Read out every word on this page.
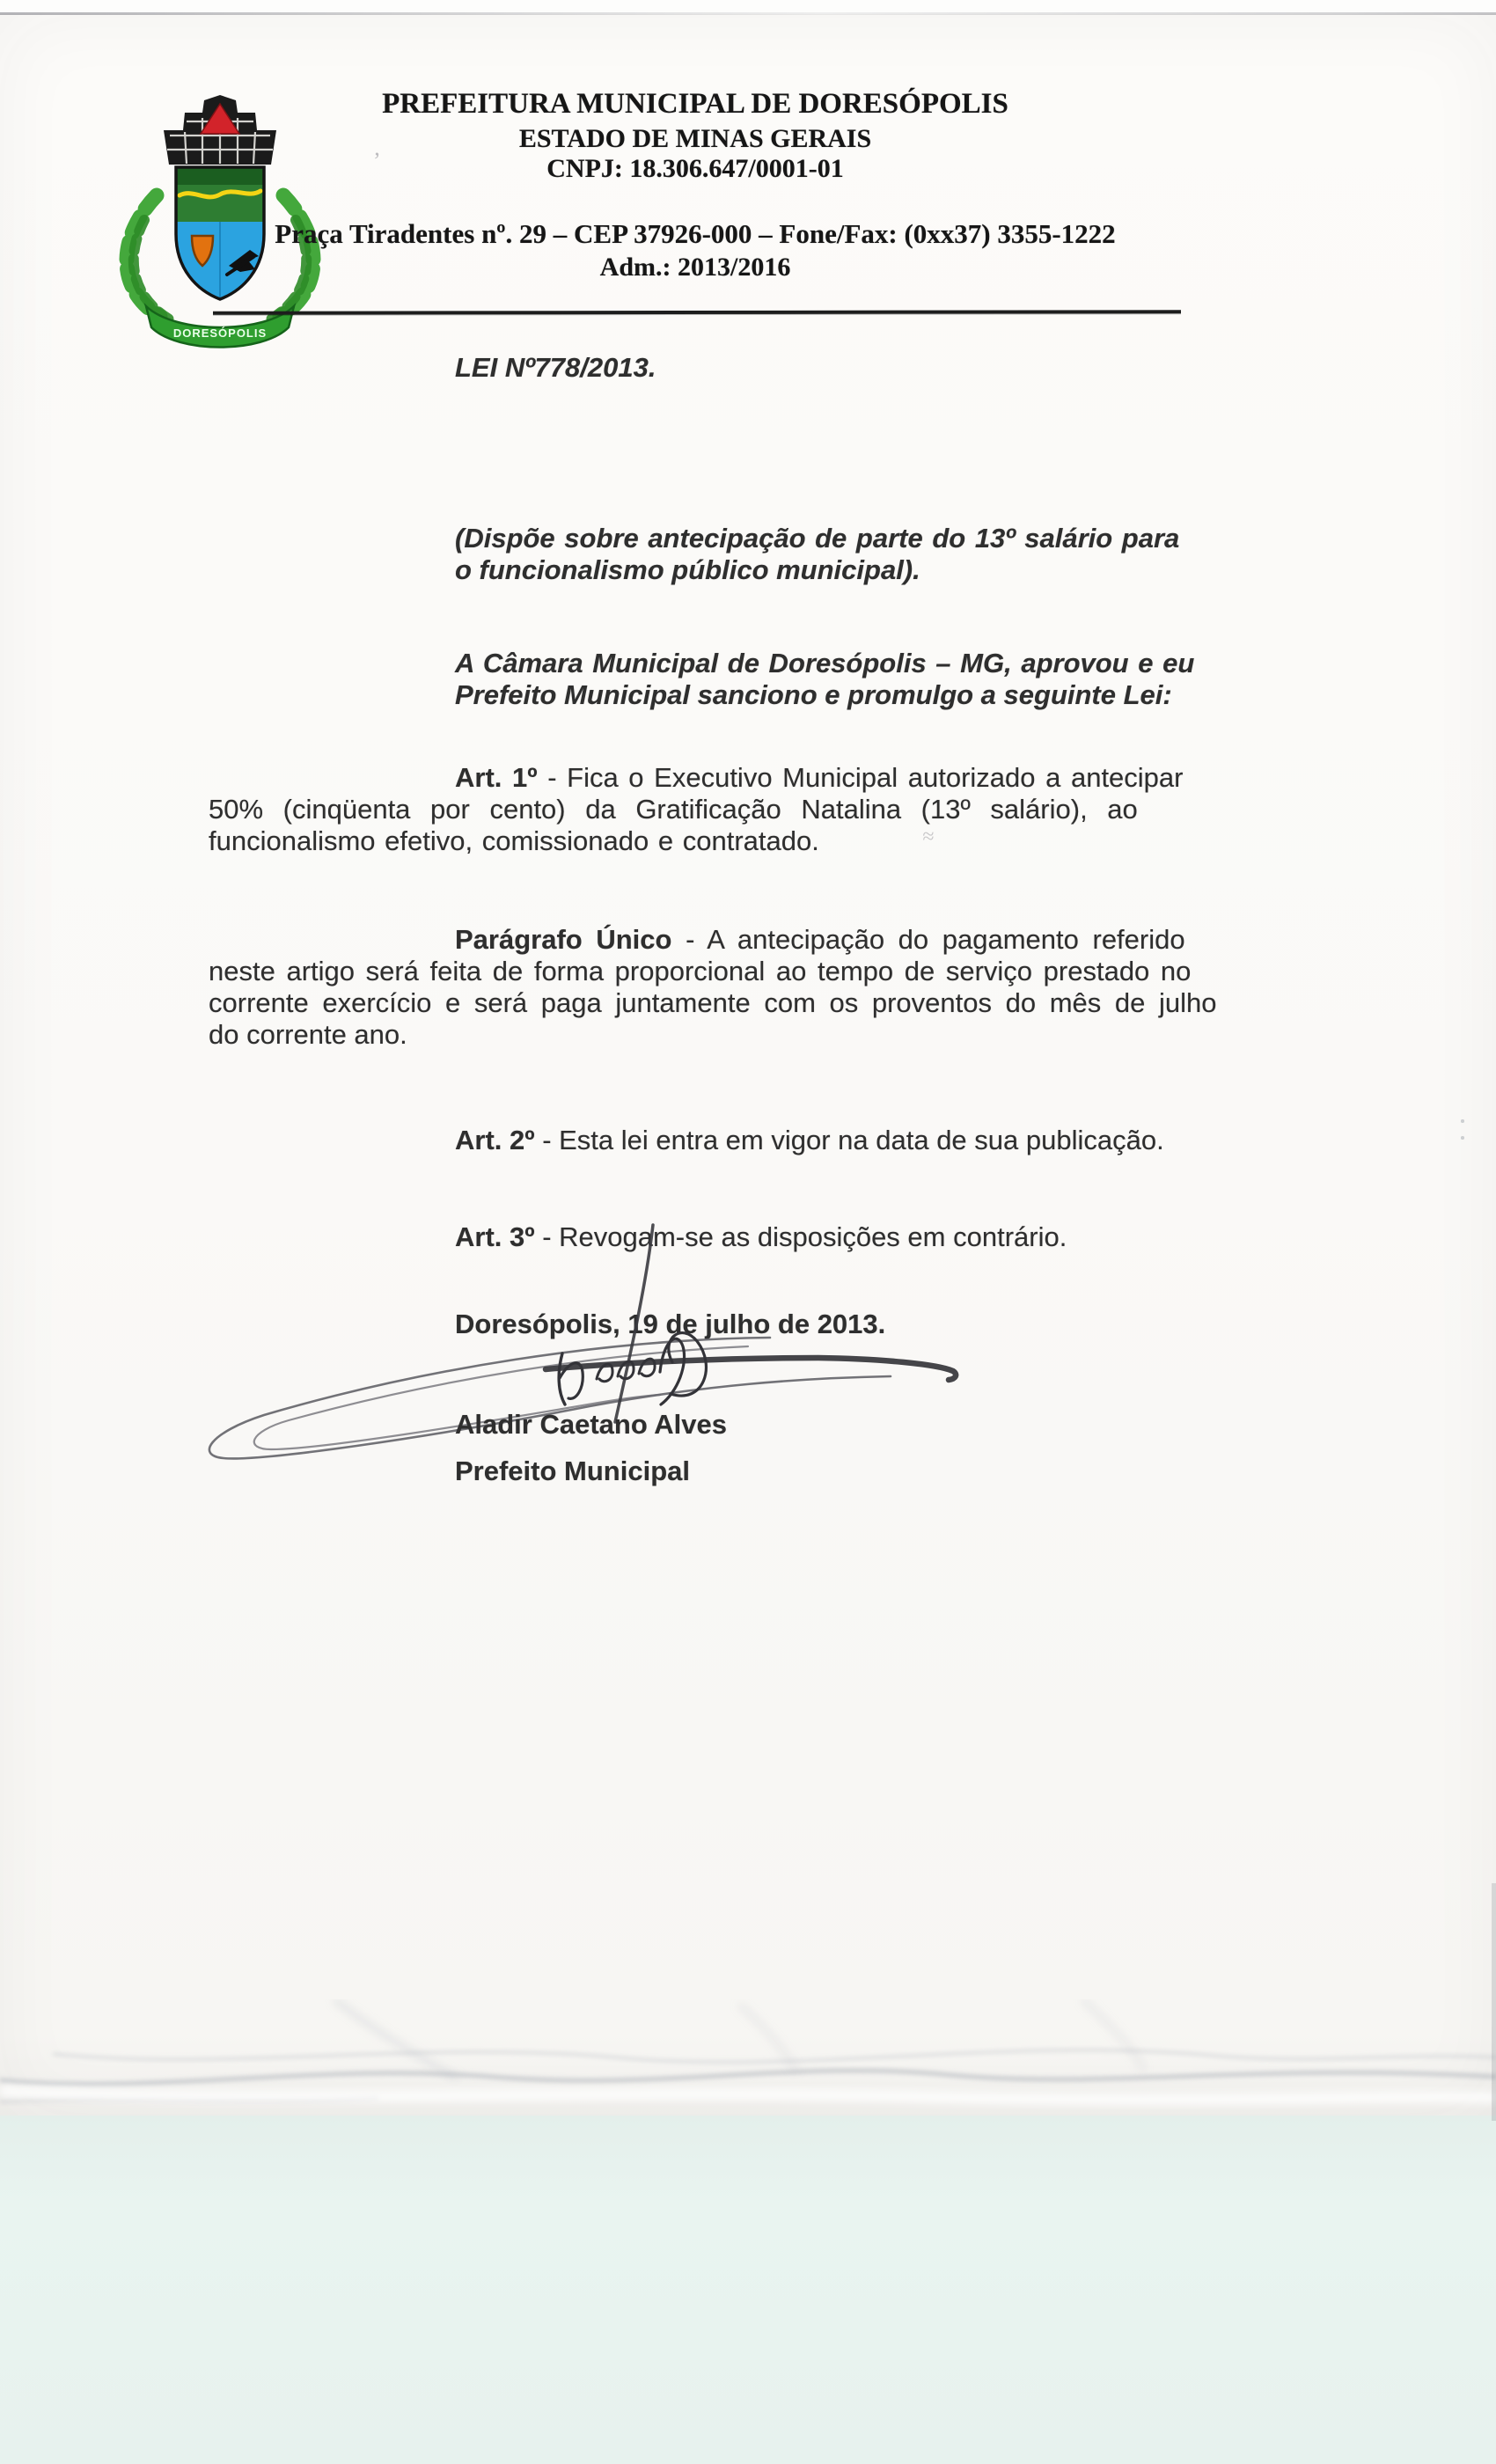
DORESÓPOLIS
PREFEITURA MUNICIPAL DE DORESÓPOLIS
ESTADO DE MINAS GERAIS
CNPJ: 18.306.647/0001-01
Praça Tiradentes nº. 29 – CEP 37926-000 – Fone/Fax: (0xx37) 3355-1222
Adm.: 2013/2016
’
LEI Nº778/2013.
(Dispõe sobre antecipação de parte do 13º salário para
o funcionalismo público municipal).
A Câmara Municipal de Doresópolis – MG, aprovou e eu
Prefeito Municipal sanciono e promulgo a seguinte Lei:
Art. 1º - Fica o Executivo Municipal autorizado a antecipar
50% (cinqüenta por cento) da Gratificação Natalina (13º salário), ao
funcionalismo efetivo, comissionado e contratado.	≈
Parágrafo Único - A antecipação do pagamento referido
neste artigo será feita de forma proporcional ao tempo de serviço prestado no
corrente exercício e será paga juntamente com os proventos do mês de julho
do corrente ano.
Art. 2º - Esta lei entra em vigor na data de sua publicação.
Art. 3º - Revogam-se as disposições em contrário.
Doresópolis, 19 de julho de 2013.
Aladir Caetano Alves
Prefeito Municipal
